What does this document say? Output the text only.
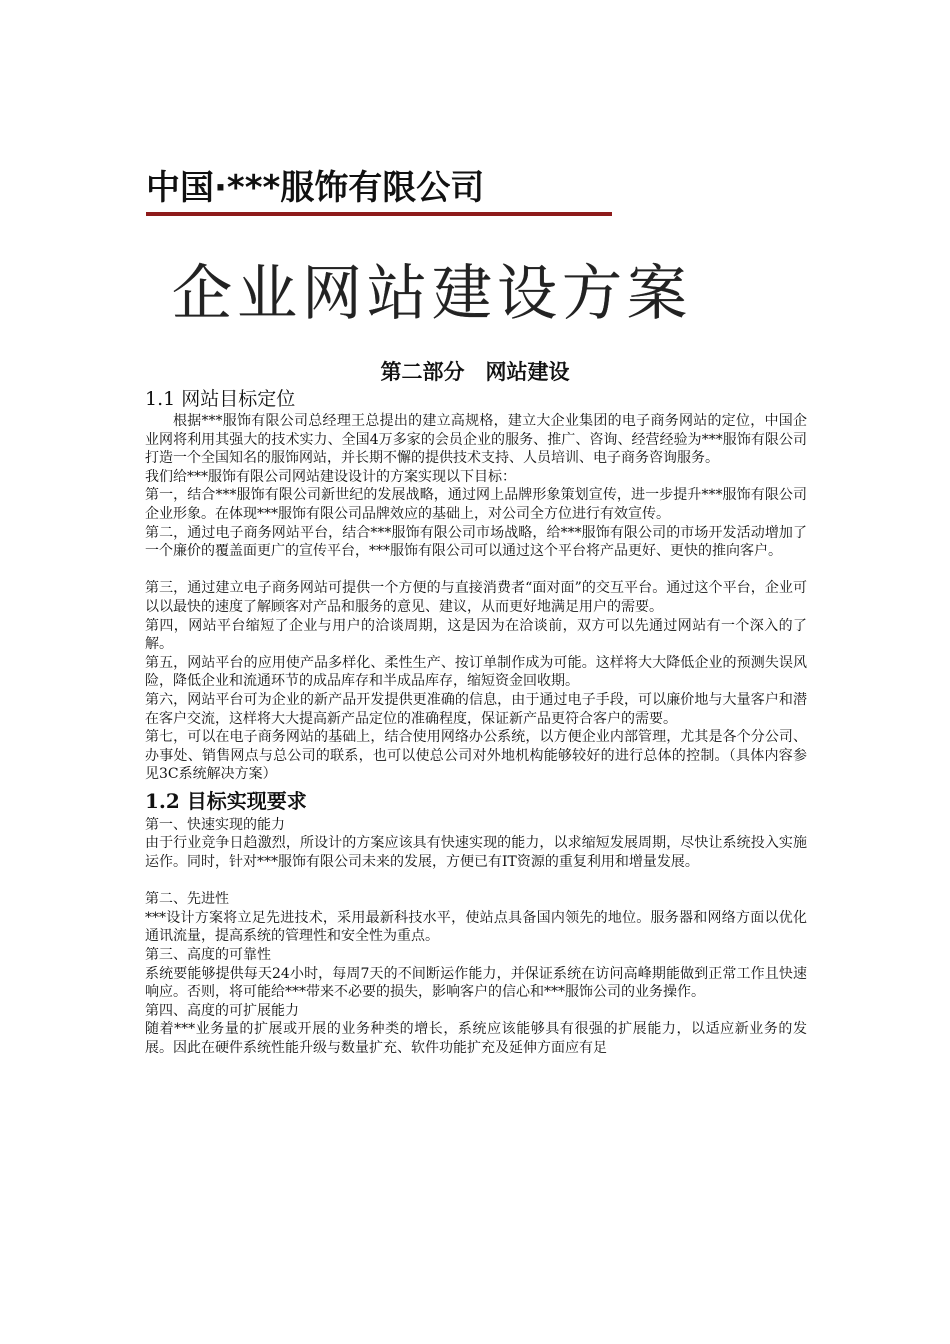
中国·***服饰有限公司
企业网站建设方案
第二部分　网站建设

1.1 网站目标定位

根据***服饰有限公司总经理王总提出的建立高规格，建立大企业集团的电子商务网站的定位，中国企业网将利用其强大的技术实力、全国4万多家的会员企业的服务、推广、咨询、经营经验为***服饰有限公司打造一个全国知名的服饰网站，并长期不懈的提供技术支持、人员培训、电子商务咨询服务。

我们给***服饰有限公司网站建设设计的方案实现以下目标：

第一，结合***服饰有限公司新世纪的发展战略，通过网上品牌形象策划宣传，进一步提升***服饰有限公司企业形象。在体现***服饰有限公司品牌效应的基础上，对公司全方位进行有效宣传。

第二，通过电子商务网站平台，结合***服饰有限公司市场战略，给***服饰有限公司的市场开发活动增加了一个廉价的覆盖面更广的宣传平台，***服饰有限公司可以通过这个平台将产品更好、更快的推向客户。

第三，通过建立电子商务网站可提供一个方便的与直接消费者“面对面”的交互平台。通过这个平台，企业可以以最快的速度了解顾客对产品和服务的意见、建议，从而更好地满足用户的需要。

第四，网站平台缩短了企业与用户的洽谈周期，这是因为在洽谈前，双方可以先通过网站有一个深入的了解。

第五，网站平台的应用使产品多样化、柔性生产、按订单制作成为可能。这样将大大降低企业的预测失误风险，降低企业和流通环节的成品库存和半成品库存，缩短资金回收期。

第六，网站平台可为企业的新产品开发提供更准确的信息，由于通过电子手段，可以廉价地与大量客户和潜在客户交流，这样将大大提高新产品定位的准确程度，保证新产品更符合客户的需要。

第七，可以在电子商务网站的基础上，结合使用网络办公系统，以方便企业内部管理，尤其是各个分公司、办事处、销售网点与总公司的联系，也可以使总公司对外地机构能够较好的进行总体的控制。（具体内容参见3C系统解决方案）

1.2 目标实现要求

第一、快速实现的能力

由于行业竞争日趋激烈，所设计的方案应该具有快速实现的能力，以求缩短发展周期，尽快让系统投入实施运作。同时，针对***服饰有限公司未来的发展，方便已有IT资源的重复利用和增量发展。

第二、先进性

***设计方案将立足先进技术，采用最新科技水平，使站点具备国内领先的地位。服务器和网络方面以优化通讯流量，提高系统的管理性和安全性为重点。

第三、高度的可靠性

系统要能够提供每天24小时，每周7天的不间断运作能力，并保证系统在访问高峰期能做到正常工作且快速响应。否则，将可能给***带来不必要的损失，影响客户的信心和***服饰公司的业务操作。

第四、高度的可扩展能力

随着***业务量的扩展或开展的业务种类的增长，系统应该能够具有很强的扩展能力，以适应新业务的发展。因此在硬件系统性能升级与数量扩充、软件功能扩充及延伸方面应有足
